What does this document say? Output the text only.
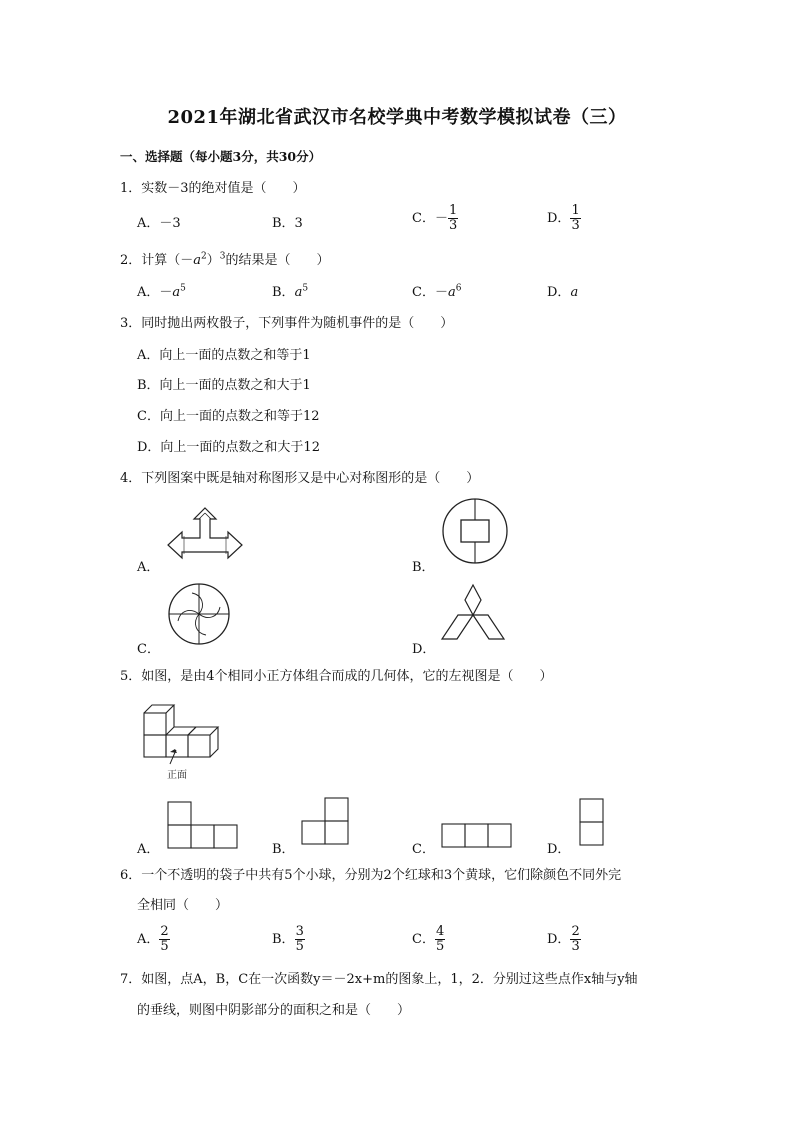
2021年湖北省武汉市名校学典中考数学模拟试卷（三）
一、选择题（每小题3分，共30分）
1．实数－3的绝对值是（　　）
A．－3	B．3	C．－ $\frac{1}{3}$	D． $\frac{1}{3}$
2．计算$(-a^2)^3$的结果是（　　）
A．$-a^5$	B．$a^5$	C．$-a^6$	D．a
3．同时抛出两枚骰子，下列事件为随机事件的是（　　）
A．向上一面的点数之和等于1
B．向上一面的点数之和大于1
C．向上一面的点数之和等于12
D．向上一面的点数之和大于12
4．下列图案中既是轴对称图形又是中心对称图形的是（　　）
A．	B．
C．	D．
5．如图，是由4个相同小正方体组合而成的几何体，它的左视图是（　　）
正面
A．	B．	C．	D．
6．一个不透明的袋子中共有5个小球，分别为2个红球和3个黄球，它们除颜色不同外完
全相同（　　）
A． $\frac{2}{5}$	B． $\frac{3}{5}$	C． $\frac{4}{5}$	D． $\frac{2}{3}$
7．如图，点A，B，C在一次函数y＝－2x+m的图象上，1，2．分别过这些点作x轴与y轴
的垂线，则图中阴影部分的面积之和是（　　）
